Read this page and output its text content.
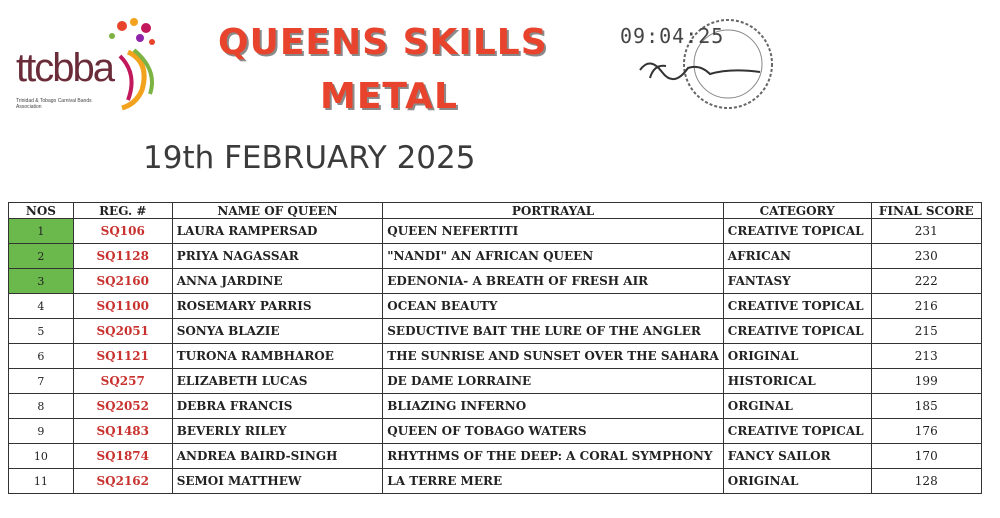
ttcbba
Trinidad & Tobago Carnival Bands Association
QUEENS SKILLS
METAL
19th FEBRUARY 2025
09:04:25
NOS	REG. #	NAME OF QUEEN	PORTRAYAL	CATEGORY	FINAL SCORE
1	SQ106	LAURA RAMPERSAD	QUEEN NEFERTITI	CREATIVE TOPICAL	231
2	SQ1128	PRIYA NAGASSAR	"NANDI" AN AFRICAN QUEEN	AFRICAN	230
3	SQ2160	ANNA JARDINE	EDENONIA- A BREATH OF FRESH AIR	FANTASY	222
4	SQ1100	ROSEMARY PARRIS	OCEAN BEAUTY	CREATIVE TOPICAL	216
5	SQ2051	SONYA BLAZIE	SEDUCTIVE BAIT THE LURE OF THE ANGLER	CREATIVE TOPICAL	215
6	SQ1121	TURONA RAMBHAROE	THE SUNRISE AND SUNSET OVER THE SAHARA	ORIGINAL	213
7	SQ257	ELIZABETH LUCAS	DE DAME LORRAINE	HISTORICAL	199
8	SQ2052	DEBRA FRANCIS	BLIAZING INFERNO	ORGINAL	185
9	SQ1483	BEVERLY RILEY	QUEEN OF TOBAGO WATERS	CREATIVE TOPICAL	176
10	SQ1874	ANDREA BAIRD-SINGH	RHYTHMS OF THE DEEP: A CORAL SYMPHONY	FANCY SAILOR	170
11	SQ2162	SEMOI MATTHEW	LA TERRE MERE	ORIGINAL	128
